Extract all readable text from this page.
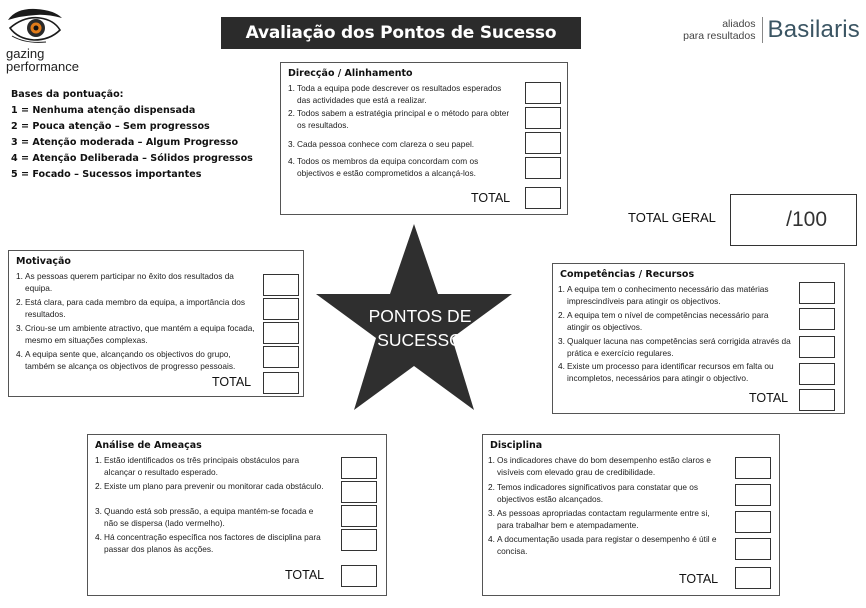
gazing
performance
Avaliação dos Pontos de Sucesso	aliados
para resultados Basilaris
Bases da pontuação:
1 = Nenhuma atenção dispensada
2 = Pouca atenção – Sem progressos
3 = Atenção moderada – Algum Progresso
4 = Atenção Deliberada – Sólidos progressos
5 = Focado – Sucessos importantes
Direcção / Alinhamento
1. Toda a equipa pode descrever os resultados esperados das actividades que está a realizar.
2. Todos sabem a estratégia principal e o método para obter os resultados.
3. Cada pessoa conhece com clareza o seu papel.
4. Todos os membros da equipa concordam com os objectivos e estão comprometidos a alcançá-los.
TOTAL
TOTAL GERAL	/100
Motivação
1. As pessoas querem participar no êxito dos resultados da equipa.
2. Está clara, para cada membro da equipa, a importância dos resultados.
3. Criou-se um ambiente atractivo, que mantém a equipa focada, mesmo em situações complexas.
4. A equipa sente que, alcançando os objectivos do grupo, também se alcança os objectivos de progresso pessoais.
TOTAL
PONTOS DE
SUCESSO
Competências / Recursos
1. A equipa tem o conhecimento necessário das matérias imprescindíveis para atingir os objectivos.
2. A equipa tem o nível de competências necessário para atingir os objectivos.
3. Qualquer lacuna nas competências será corrigida através da prática e exercício regulares.
4. Existe um processo para identificar recursos em falta ou incompletos, necessários para atingir o objectivo.
TOTAL
Análise de Ameaças
1. Estão identificados os três principais obstáculos para alcançar o resultado esperado.
2. Existe um plano para prevenir ou monitorar cada obstáculo.
3. Quando está sob pressão, a equipa mantém-se focada e não se dispersa (lado vermelho).
4. Há concentração específica nos factores de disciplina para passar dos planos às acções.
TOTAL
Disciplina
1. Os indicadores chave do bom desempenho estão claros e visíveis com elevado grau de credibilidade.
2. Temos indicadores significativos para constatar que os objectivos estão alcançados.
3. As pessoas apropriadas contactam regularmente entre si, para trabalhar bem e atempadamente.
4. A documentação usada para registar o desempenho é útil e concisa.
TOTAL
